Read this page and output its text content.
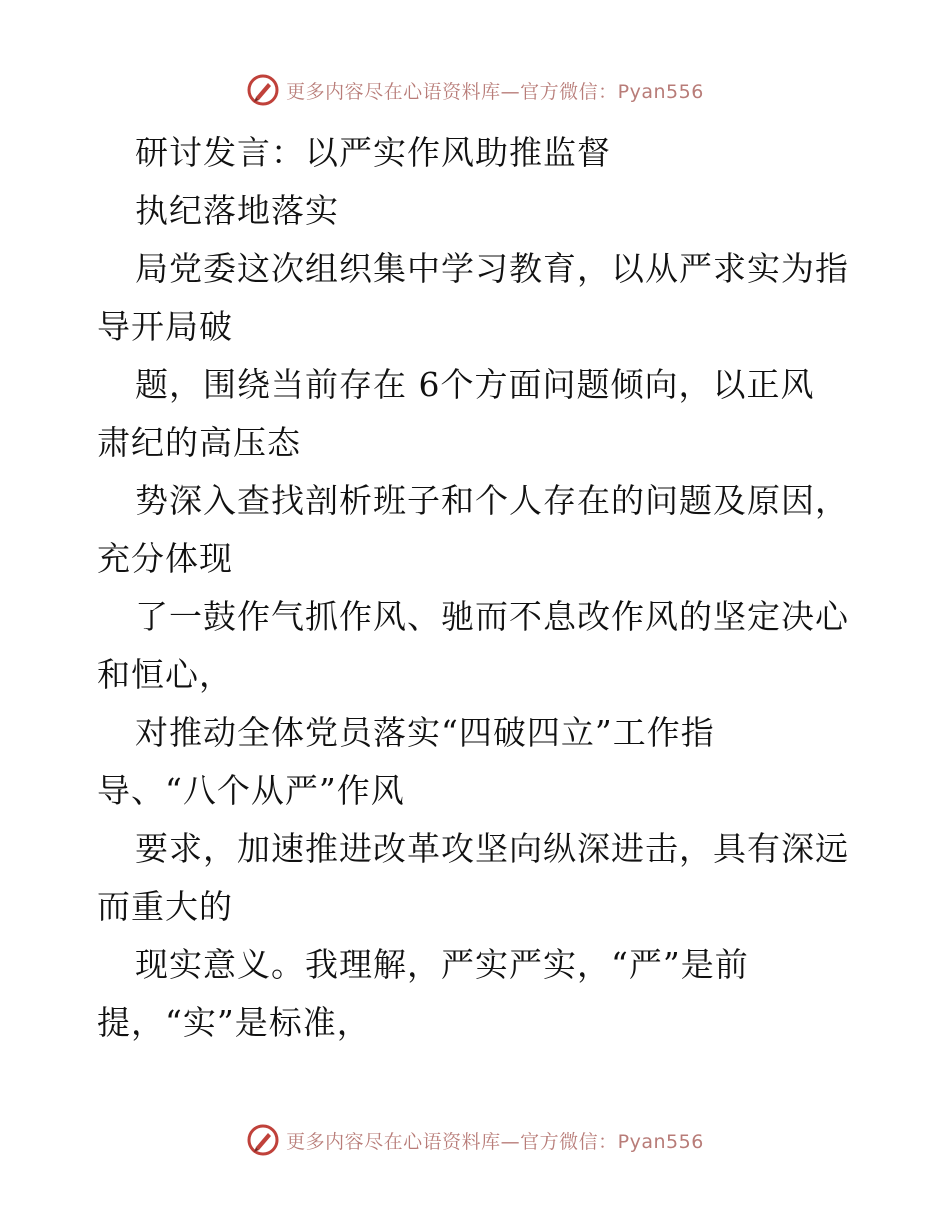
更多内容尽在心语资料库—官方微信：Pyan556
研讨发言：以严实作风助推监督
执纪落地落实
局党委这次组织集中学习教育，以从严求实为指
导开局破
题，围绕当前存在 6个方面问题倾向，以正风
肃纪的高压态
势深入查找剖析班子和个人存在的问题及原因，
充分体现
了一鼓作气抓作风、驰而不息改作风的坚定决心
和恒心，
对推动全体党员落实“四破四立”工作指
导、“八个从严”作风
要求，加速推进改革攻坚向纵深进击，具有深远
而重大的
现实意义。我理解，严实严实，“严”是前
提，“实”是标准，
更多内容尽在心语资料库—官方微信：Pyan556
